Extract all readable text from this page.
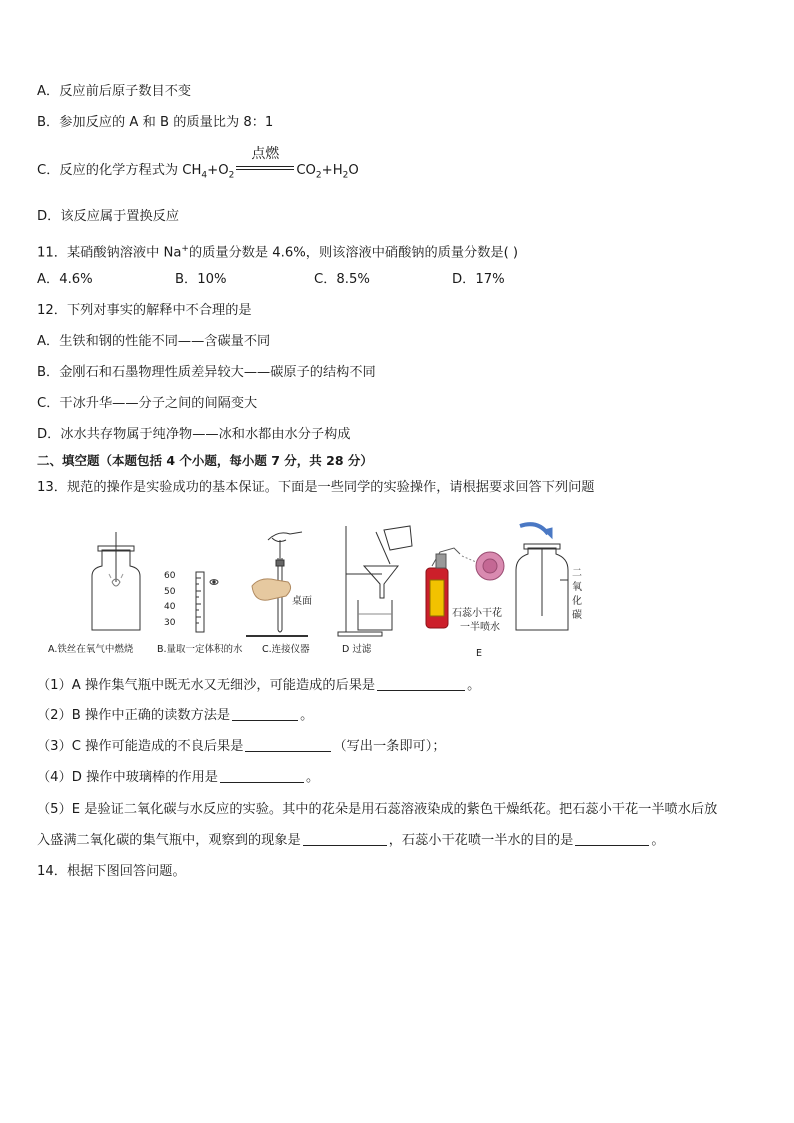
A．反应前后原子数目不变
B．参加反应的 A 和 B 的质量比为 8：1
C．反应的化学方程式为 $CH_4+O_2$
点燃
$CO_2+H_2O$
D．该反应属于置换反应
11．某硝酸钠溶液中 Na+的质量分数是 4.6%，则该溶液中硝酸钠的质量分数是( )
A．4.6%	B．10%	C．8.5%	D．17%
12．下列对事实的解释中不合理的是
A．生铁和钢的性能不同——含碳量不同
B．金刚石和石墨物理性质差异较大——碳原子的结构不同
C．干冰升华——分子之间的间隔变大
D．冰水共存物属于纯净物——冰和水都由水分子构成
二、填空题（本题包括 4 个小题，每小题 7 分，共 28 分）
13．规范的操作是实验成功的基本保证。下面是一些同学的实验操作，请根据要求回答下列问题
60
50
40
30
桌面
石蕊小干花
一半喷水
二
氧
化
碳
A.铁丝在氧气中燃烧 B.量取一定体积的水 C.连接仪器	D 过滤	E
（1）A 操作集气瓶中既无水又无细沙，可能造成的后果是	。
（2）B 操作中正确的读数方法是	。
（3）C 操作可能造成的不良后果是	（写出一条即可）；
（4）D 操作中玻璃棒的作用是	。
（5）E 是验证二氧化碳与水反应的实验。其中的花朵是用石蕊溶液染成的紫色干燥纸花。把石蕊小干花一半喷水后放
入盛满二氧化碳的集气瓶中，观察到的现象是	，石蕊小干花喷一半水的目的是	。
14．根据下图回答问题。
